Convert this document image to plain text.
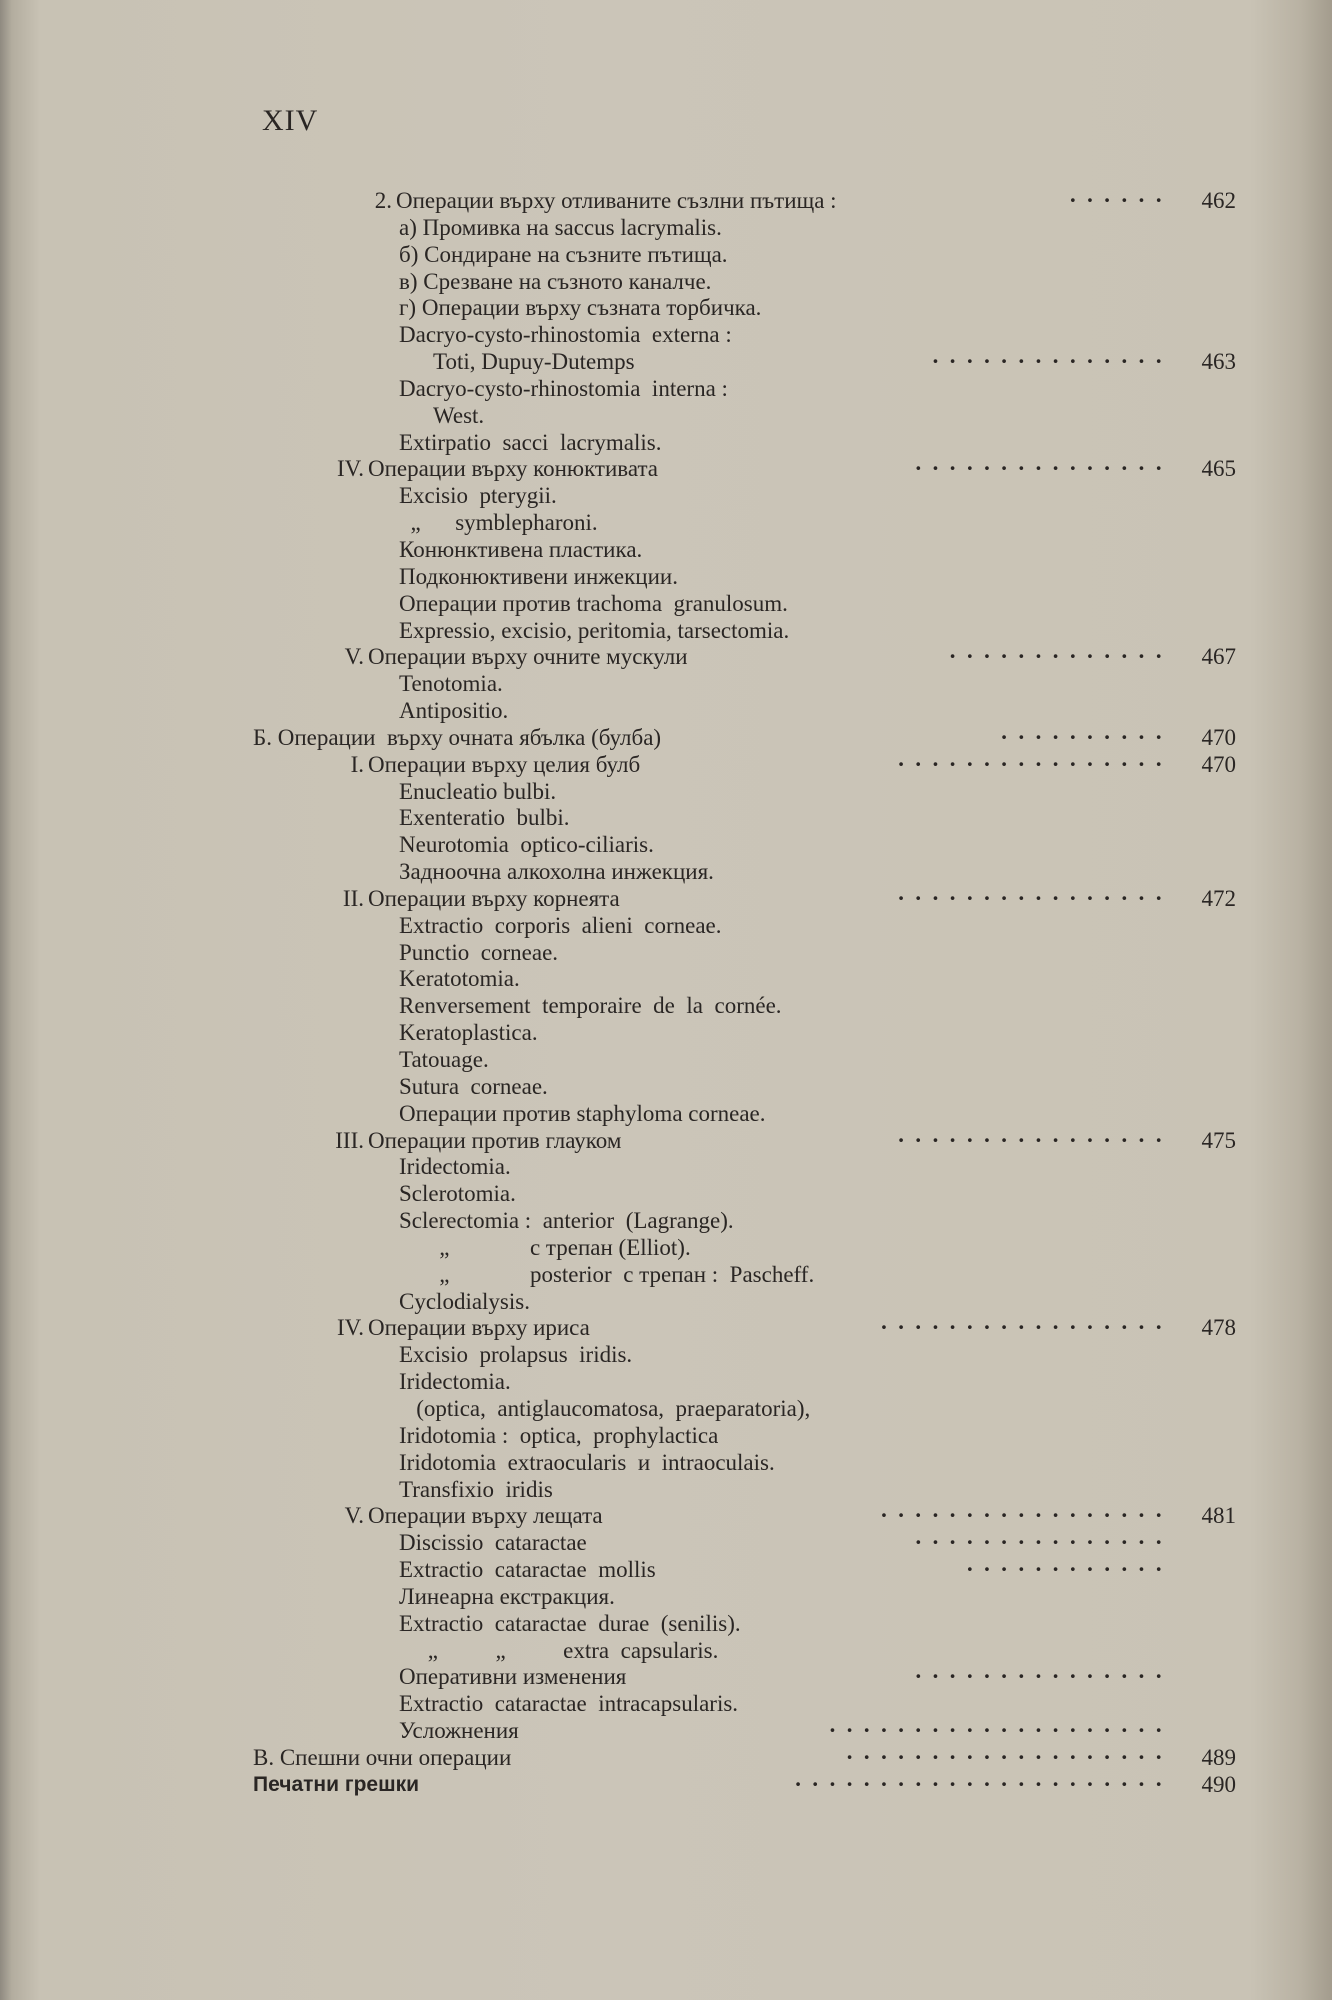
XIV
2. Операции върху отливаните съзлни пътища :	······	462
а) Промивка на saccus lacrymalis.
б) Сондиране на съзните пътища.
в) Срезване на съзното каналче.
г) Операции върху съзната торбичка.
Dacryo-cysto-rhinostomia  externa :
Toti, Dupuy-Dutemps	··············	463
Dacryo-cysto-rhinostomia  interna :
West.
Extirpatio  sacci  lacrymalis.
IV. Операции върху конюктивата	···············	465
Excisio  pterygii.
„      symblepharoni.
Конюнктивена пластика.
Подконюктивени инжекции.
Операции против trachoma  granulosum.
Expressio, excisio, peritomia, tarsectomia.
V. Операции върху очните мускули	·············	467
Tenotomia.
Antipositio.
Б. Операции  върху очната ябълка (булба)	··········	470
I. Операции върху целия булб	················	470
Enucleatio bulbi.
Exenteratio  bulbi.
Neurotomia  optico-ciliaris.
Задноочна алкохолна инжекция.
II. Операции върху корнеята	················	472
Extractio  corporis  alieni  corneae.
Punctio  corneae.
Keratotomia.
Renversement  temporaire  de  la  cornée.
Keratoplastica.
Tatouage.
Sutura  corneae.
Операции против staphyloma corneae.
III. Операции против глауком	················	475
Iridectomia.
Sclerotomia.
Sclerectomia :  anterior  (Lagrange).
„              с трепан (Elliot).
„              posterior  с трепан :  Pascheff.
Cyclodialysis.
IV. Операции върху ириса	·················	478
Excisio  prolapsus  iridis.
Iridectomia.
(optica,  antiglaucomatosa,  praeparatoria),
Iridotomia :  optica,  prophylactica
Iridotomia  extraocularis  и  intraoculais.
Transfixio  iridis
V. Операции върху лещата	·················	481
Discissio  cataractae	···············
Extractio  cataractae  mollis	············
Линеарна екстракция.
Extractio  cataractae  durae  (senilis).
„          „          extra  capsularis.
Оперативни изменения	···············
Extractio  cataractae  intracapsularis.
Усложнения	····················
В. Спешни очни операции	···················	489
Печатни грешки	······················	490
